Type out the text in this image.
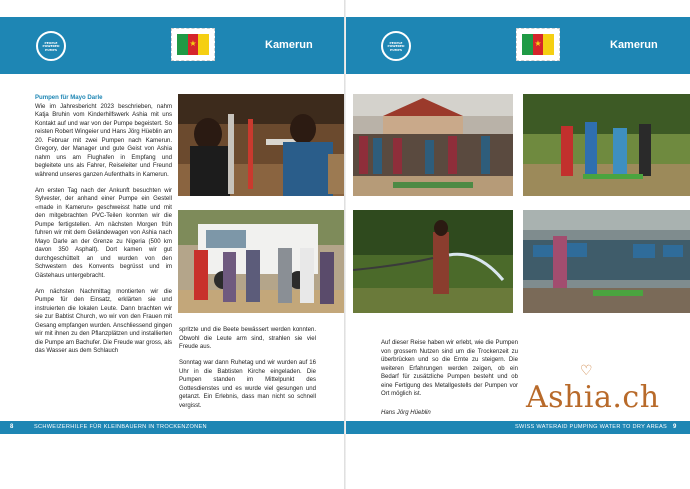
PEOPLE POWERED PUMPS
★	Kamerun

Pumpen für Mayo Darle

Wie im Jahresbericht 2023 beschrieben, nahm Katja Bruhin vom Kinderhilfswerk Ashia mit uns Kontakt auf und war von der Pumpe begeistert. So reisten Robert Wingeier und Hans Jörg Hüeblin am 20. Februar mit zwei Pumpen nach Kamerun. Gregory, der Manager und gute Geist von Ashia nahm uns am Flughafen in Empfang und begleitete uns als Fahrer, Reiseleiter und Freund während unseres ganzen Aufenthalts in Kamerun.

Am ersten Tag nach der Ankunft besuchten wir Sylvester, der anhand einer Pumpe ein Gestell «made in Kamerun» geschweisst hatte und mit den mitgebrachten PVC-Teilen konnten wir die Pumpe fertigstellen. Am nächsten Morgen früh fuhren wir mit dem Geländewagen von Ashia nach Mayo Darle an der Grenze zu Nigeria (500 km davon 350 Asphalt). Dort kamen wir gut durchgeschüttelt an und wurden von den Schwestern des Konvents begrüsst und im Gästehaus untergebracht.

Am nächsten Nachmittag montierten wir die Pumpe für den Einsatz, erklärten sie und instruierten die lokalen Leute. Dann brachten wir sie zur Babtist Church, wo wir von den Frauen mit Gesang empfangen wurden. Anschliessend gingen wir mit ihnen zu den Pflanzplätzen und installierten die Pumpe am Bachufer. Die Freude war gross, als das Wasser aus dem Schlauch

spritzte und die Beete bewässert werden konnten. Obwohl die Leute arm sind, strahlen sie viel Freude aus.

Sonntag war dann Ruhetag und wir wurden auf 16 Uhr in die Babtisten Kirche eingeladen. Die Pumpen standen im Mittelpunkt des Gottesdienstes und es wurde viel gesungen und getanzt. Ein Erlebnis, dass man nicht so schnell vergisst.

8	SCHWEIZERHILFE FÜR KLEINBAUERN IN TROCKENZONEN
PEOPLE POWERED PUMPS
★	Kamerun

Auf dieser Reise haben wir erlebt, wie die Pumpen von grossem Nutzen sind um die Trockenzeit zu überbrücken und so die Ernte zu steigern. Die weiteren Erfahrungen werden zeigen, ob ein Bedarf für zusätzliche Pumpen besteht und ob eine Fertigung des Metallgestells der Pumpen vor Ort möglich ist.

Hans Jörg Hüeblin

SWISS WATERAID PUMPING WATER TO DRY AREAS 9
♡
Ashia.ch
